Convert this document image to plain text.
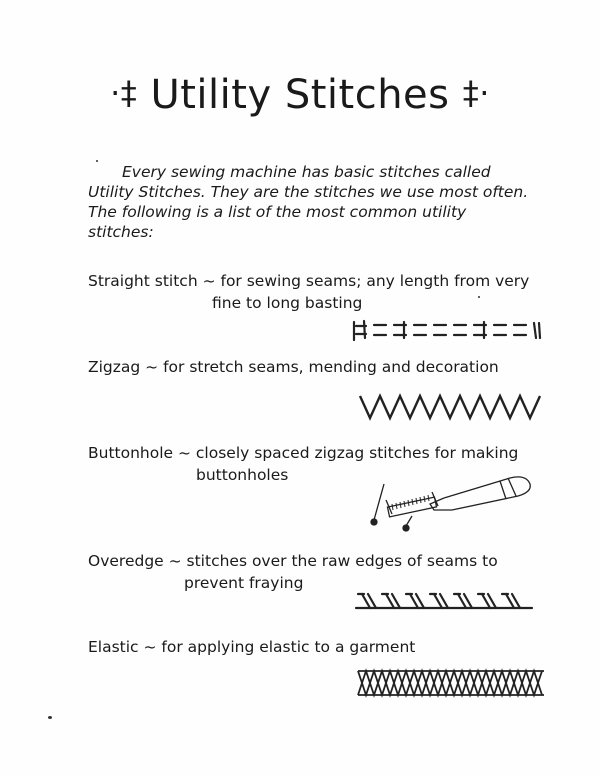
·‡ Utility Stitches ‡·
Every sewing machine has basic stitches called
Utility Stitches. They are the stitches we use most often.
The following is a list of the most common utility
stitches:
Straight stitch ~ for sewing seams; any length from very
fine to long basting
Zigzag ~ for stretch seams, mending and decoration
Buttonhole ~ closely spaced zigzag stitches for making
buttonholes
Overedge ~ stitches over the raw edges of seams to
prevent fraying
Elastic ~ for applying elastic to a garment
